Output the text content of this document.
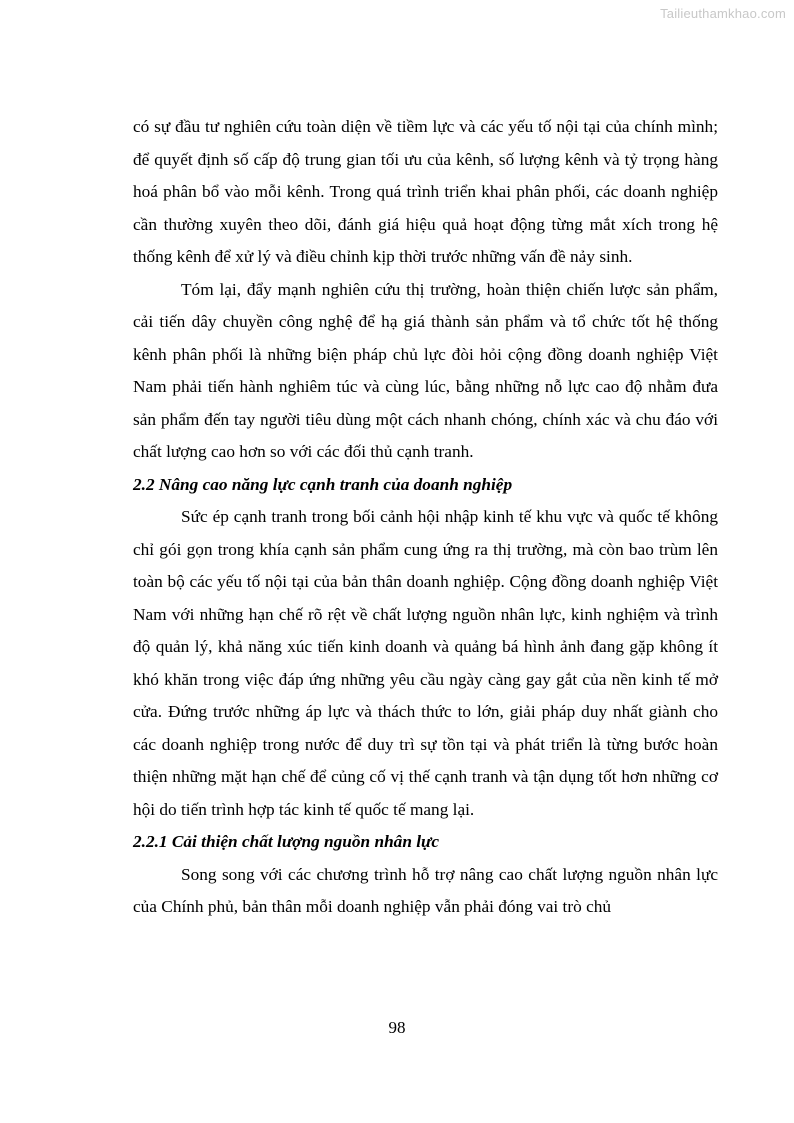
Tailieuthamkhao.com

có sự đầu tư nghiên cứu toàn diện về tiềm lực và các yếu tố nội tại của chính mình; để quyết định số cấp độ trung gian tối ưu của kênh, số lượng kênh và tỷ trọng hàng hoá phân bổ vào mỗi kênh. Trong quá trình triển khai phân phối, các doanh nghiệp cần thường xuyên theo dõi, đánh giá hiệu quả hoạt động từng mắt xích trong hệ thống kênh để xử lý và điều chỉnh kịp thời trước những vấn đề nảy sinh.

Tóm lại, đẩy mạnh nghiên cứu thị trường, hoàn thiện chiến lược sản phẩm, cải tiến dây chuyền công nghệ để hạ giá thành sản phẩm và tổ chức tốt hệ thống kênh phân phối là những biện pháp chủ lực đòi hỏi cộng đồng doanh nghiệp Việt Nam phải tiến hành nghiêm túc và cùng lúc, bằng những nỗ lực cao độ nhằm đưa sản phẩm đến tay người tiêu dùng một cách nhanh chóng, chính xác và chu đáo với chất lượng cao hơn so với các đối thủ cạnh tranh.

2.2 Nâng cao năng lực cạnh tranh của doanh nghiệp

Sức ép cạnh tranh trong bối cảnh hội nhập kinh tế khu vực và quốc tế không chỉ gói gọn trong khía cạnh sản phẩm cung ứng ra thị trường, mà còn bao trùm lên toàn bộ các yếu tố nội tại của bản thân doanh nghiệp. Cộng đồng doanh nghiệp Việt Nam với những hạn chế rõ rệt về chất lượng nguồn nhân lực, kinh nghiệm và trình độ quản lý, khả năng xúc tiến kinh doanh và quảng bá hình ảnh đang gặp không ít khó khăn trong việc đáp ứng những yêu cầu ngày càng gay gắt của nền kinh tế mở cửa. Đứng trước những áp lực và thách thức to lớn, giải pháp duy nhất giành cho các doanh nghiệp trong nước để duy trì sự tồn tại và phát triển là từng bước hoàn thiện những mặt hạn chế để củng cố vị thế cạnh tranh và tận dụng tốt hơn những cơ hội do tiến trình hợp tác kinh tế quốc tế mang lại.

2.2.1 Cải thiện chất lượng nguồn nhân lực

Song song với các chương trình hỗ trợ nâng cao chất lượng nguồn nhân lực của Chính phủ, bản thân mỗi doanh nghiệp vẫn phải đóng vai trò chủ

98
